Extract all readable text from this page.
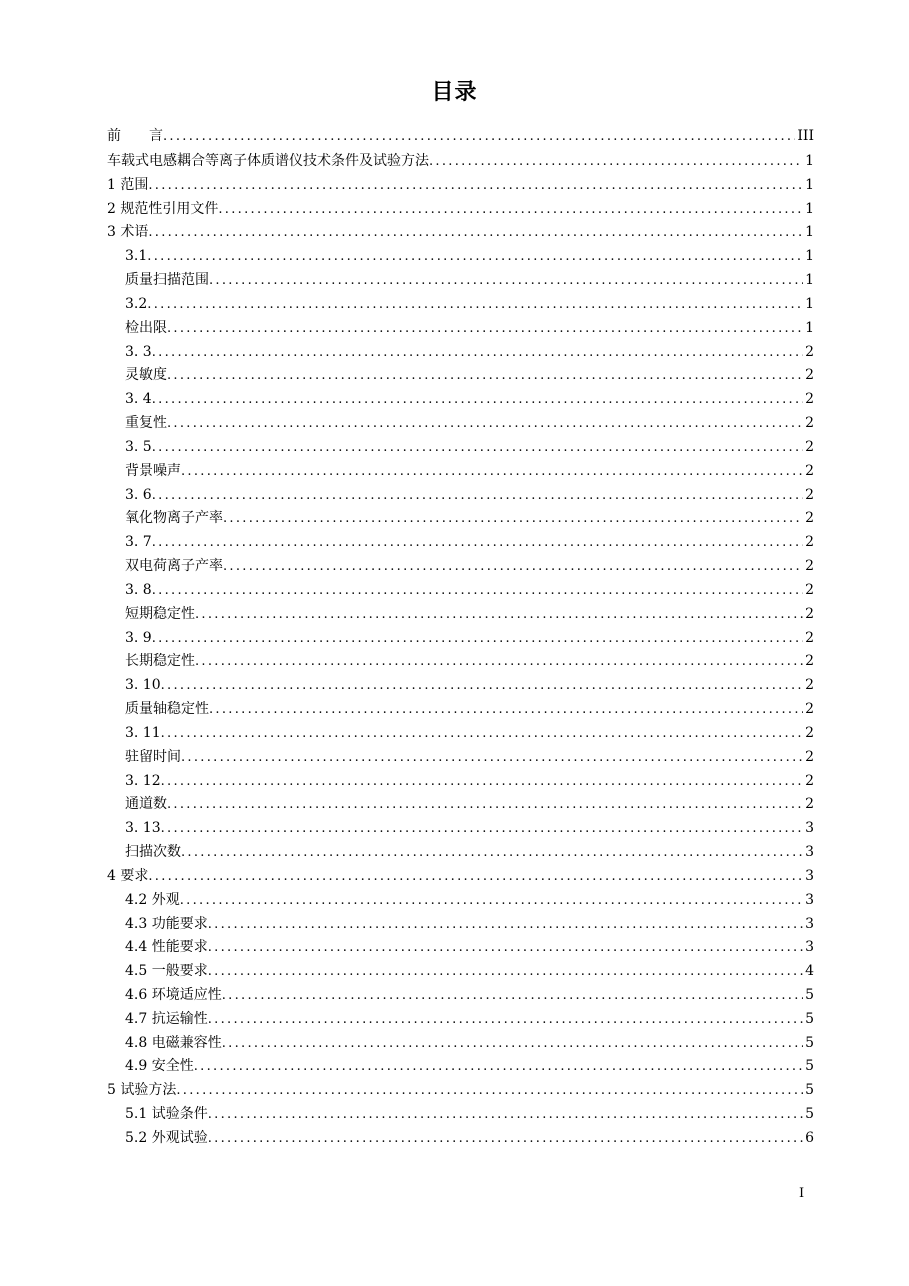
目录
前　　言 .....	III
车载式电感耦合等离子体质谱仪技术条件及试验方法 .....	1
1 范围 .....	1
2 规范性引用文件 .....	1
3 术语 .....	1
3.1 .....	1
质量扫描范围 .....	1
3.2 .....	1
检出限 .....	1
3. 3 .....	2
灵敏度 .....	2
3. 4 .....	2
重复性 .....	2
3. 5 .....	2
背景噪声 .....	2
3. 6 .....	2
氧化物离子产率 .....	2
3. 7 .....	2
双电荷离子产率 .....	2
3. 8 .....	2
短期稳定性 .....	2
3. 9 .....	2
长期稳定性 .....	2
3. 10 .....	2
质量轴稳定性 .....	2
3. 11 .....	2
驻留时间 .....	2
3. 12 .....	2
通道数 .....	2
3. 13 .....	3
扫描次数 .....	3
4 要求 .....	3
4.2 外观 .....	3
4.3 功能要求 .....	3
4.4 性能要求 .....	3
4.5 一般要求 .....	4
4.6 环境适应性 .....	5
4.7 抗运输性 .....	5
4.8 电磁兼容性 .....	5
4.9 安全性 .....	5
5 试验方法 .....	5
5.1 试验条件 .....	5
5.2 外观试验 .....	6
I
